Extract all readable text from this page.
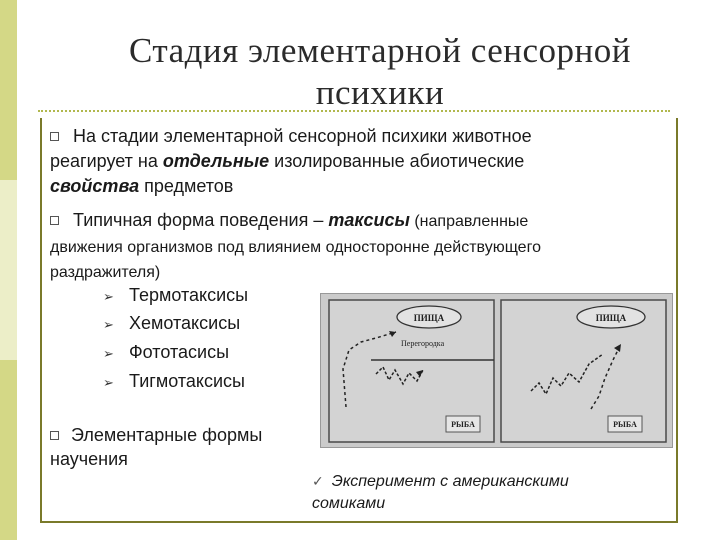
Стадия элементарной сенсорной
психики
На стадии элементарной сенсорной психики животное
реагирует на отдельные изолированные абиотические
свойства предметов
Типичная форма поведения – таксисы (направленные
движения организмов под влиянием односторонне действующего
раздражителя)
➢ Термотаксисы
➢ Хемотаксисы
➢ Фототасисы
➢ Тигмотаксисы
Элементарные формы
научения
ПИЩА
Перегородка
РЫБА
ПИЩА
РЫБА
✓ Эксперимент с американскими
сомиками
